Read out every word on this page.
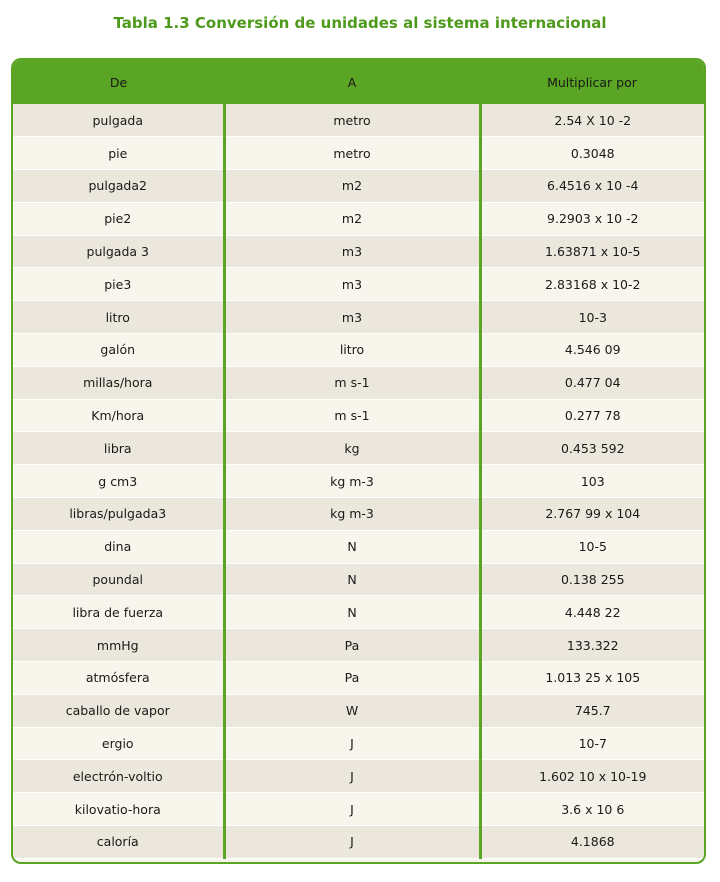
Tabla 1.3 Conversión de unidades al sistema internacional
De	A	Multiplicar por
pulgada	metro	2.54 X 10 -2
pie	metro	0.3048
pulgada2	m2	6.4516 x 10 -4
pie2	m2	9.2903 x 10 -2
pulgada 3	m3	1.63871 x 10-5
pie3	m3	2.83168 x 10-2
litro	m3	10-3
galón	litro	4.546 09
millas/hora	m s-1	0.477 04
Km/hora	m s-1	0.277 78
libra	kg	0.453 592
g cm3	kg m-3	103
libras/pulgada3	kg m-3	2.767 99 x 104
dina	N	10-5
poundal	N	0.138 255
libra de fuerza	N	4.448 22
mmHg	Pa	133.322
atmósfera	Pa	1.013 25 x 105
caballo de vapor	W	745.7
ergio	J	10-7
electrón-voltio	J	1.602 10 x 10-19
kilovatio-hora	J	3.6 x 10 6
caloría	J	4.1868
